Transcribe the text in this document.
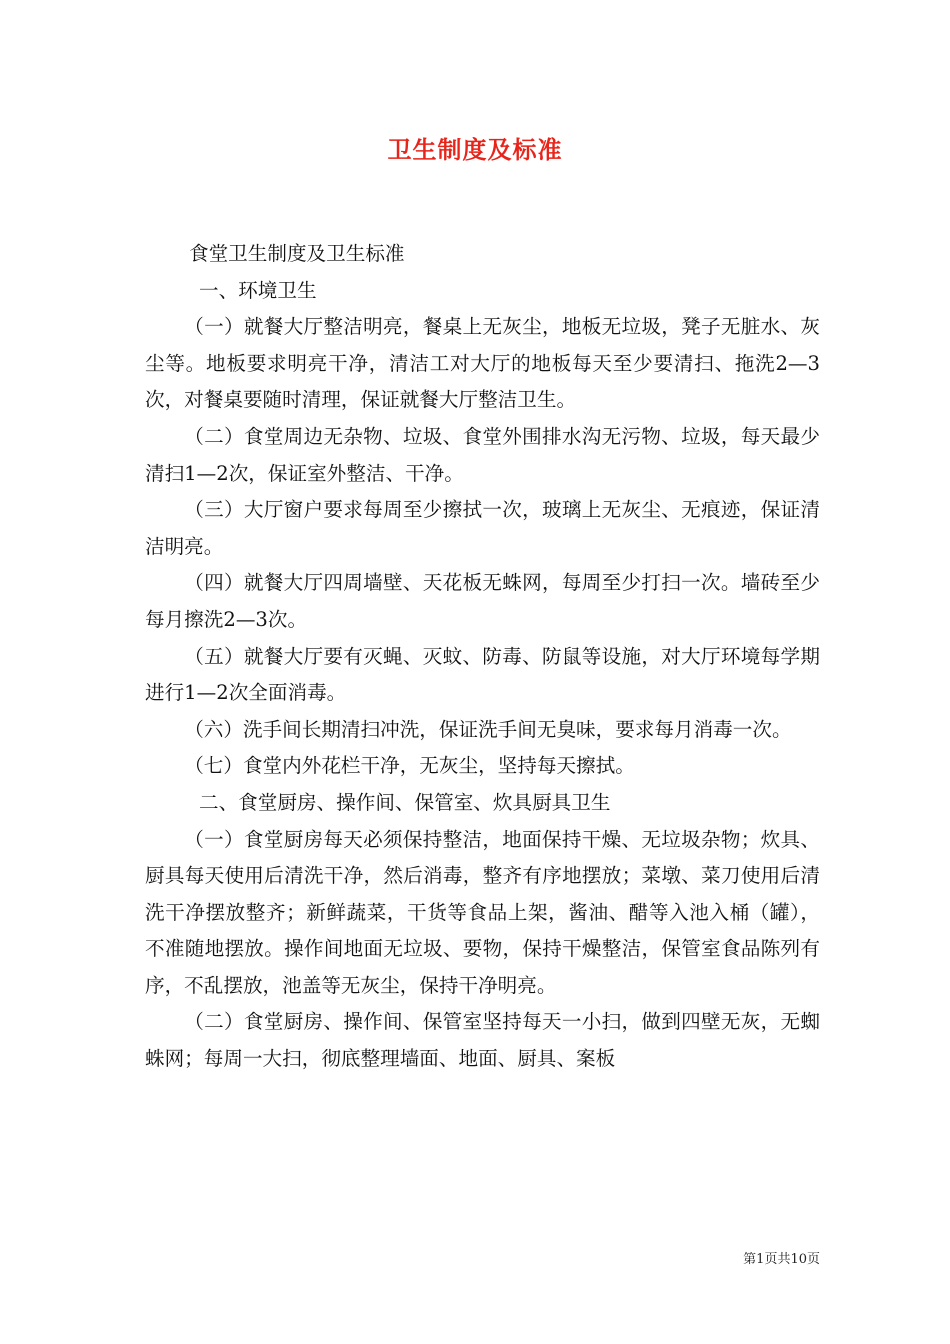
卫生制度及标准

食堂卫生制度及卫生标准

一、环境卫生

（一）就餐大厅整洁明亮，餐桌上无灰尘，地板无垃圾，凳子无脏水、灰尘等。地板要求明亮干净，清洁工对大厅的地板每天至少要清扫、拖洗2—3次，对餐桌要随时清理，保证就餐大厅整洁卫生。

（二）食堂周边无杂物、垃圾、食堂外围排水沟无污物、垃圾，每天最少清扫1—2次，保证室外整洁、干净。

（三）大厅窗户要求每周至少擦拭一次，玻璃上无灰尘、无痕迹，保证清洁明亮。

（四）就餐大厅四周墙壁、天花板无蛛网，每周至少打扫一次。墙砖至少每月擦洗2—3次。

（五）就餐大厅要有灭蝇、灭蚊、防毒、防鼠等设施，对大厅环境每学期进行1—2次全面消毒。

（六）洗手间长期清扫冲洗，保证洗手间无臭味，要求每月消毒一次。

（七）食堂内外花栏干净，无灰尘，坚持每天擦拭。

二、食堂厨房、操作间、保管室、炊具厨具卫生

（一）食堂厨房每天必须保持整洁，地面保持干燥、无垃圾杂物；炊具、厨具每天使用后清洗干净，然后消毒，整齐有序地摆放；菜墩、菜刀使用后清洗干净摆放整齐；新鲜蔬菜，干货等食品上架，酱油、醋等入池入桶（罐），不准随地摆放。操作间地面无垃圾、要物，保持干燥整洁，保管室食品陈列有序，不乱摆放，池盖等无灰尘，保持干净明亮。

（二）食堂厨房、操作间、保管室坚持每天一小扫，做到四壁无灰，无蜘蛛网；每周一大扫，彻底整理墙面、地面、厨具、案板

第1页共10页
